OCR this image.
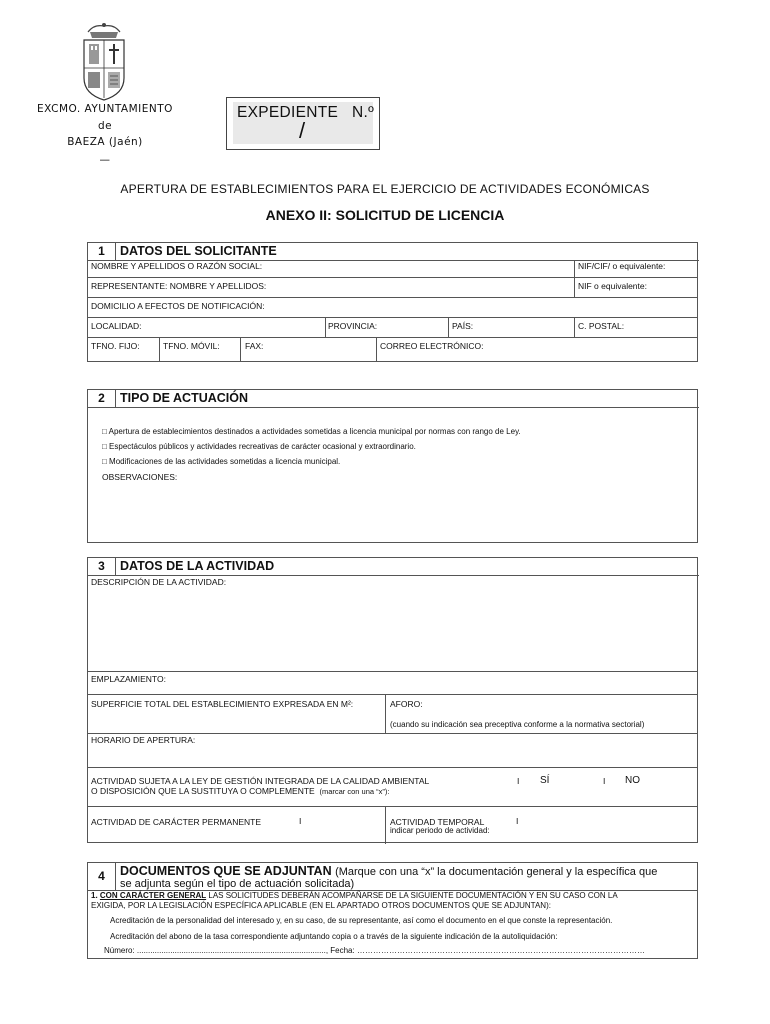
EXCMO. AYUNTAMIENTO
de
BAEZA (Jaén)
—
EXPEDIENTE   N.º
/
APERTURA DE ESTABLECIMIENTOS PARA EL EJERCICIO DE ACTIVIDADES ECONÓMICAS
ANEXO II: SOLICITUD DE LICENCIA
1	DATOS DEL SOLICITANTE
NOMBRE Y APELLIDOS O RAZÓN SOCIAL:	NIF/CIF/ o equivalente:
REPRESENTANTE: NOMBRE Y APELLIDOS:	NIF o equivalente:
DOMICILIO A EFECTOS DE NOTIFICACIÓN:
LOCALIDAD:	PROVINCIA:	PAÍS:	C. POSTAL:
TFNO. FIJO:	TFNO. MÓVIL:	FAX:	CORREO ELECTRÓNICO:
2	TIPO DE ACTUACIÓN
□ Apertura de establecimientos destinados a actividades sometidas a licencia municipal por normas con rango de Ley.
□ Espectáculos públicos y actividades recreativas de carácter ocasional y extraordinario.
□ Modificaciones de las actividades sometidas a licencia municipal.
OBSERVACIONES:
3	DATOS DE LA ACTIVIDAD
DESCRIPCIÓN DE LA ACTIVIDAD:
EMPLAZAMIENTO:
SUPERFICIE TOTAL DEL ESTABLECIMIENTO EXPRESADA EN M²:	AFORO:
(cuando su indicación sea preceptiva conforme a la normativa sectorial)
HORARIO DE APERTURA:
ACTIVIDAD SUJETA A LA LEY DE GESTIÓN INTEGRADA DE LA CALIDAD AMBIENTAL
O DISPOSICIÓN QUE LA SUSTITUYA O COMPLEMENTE (marcar con una “x”):
I SÍ	I NO
ACTIVIDAD DE CARÁCTER PERMANENTE	I	ACTIVIDAD TEMPORAL	I
indicar periodo de actividad:
4	DOCUMENTOS QUE SE ADJUNTAN (Marque con una “x” la documentación general y la específica que
se adjunta según el tipo de actuación solicitada)
1. CON CARÁCTER GENERAL LAS SOLICITUDES DEBERÁN ACOMPAÑARSE DE LA SIGUIENTE DOCUMENTACIÓN Y EN SU CASO CON LA
EXIGIDA, POR LA LEGISLACIÓN ESPECÍFICA APLICABLE (EN EL APARTADO OTROS DOCUMENTOS QUE SE ADJUNTAN):
Acreditación de la personalidad del interesado y, en su caso, de su representante, así como el documento en el que conste la representación.
Acreditación del abono de la tasa correspondiente adjuntando copia o a través de la siguiente indicación de la autoliquidación:
Número: ....................................................................................., Fecha: ………………………………………………………………………………………………
